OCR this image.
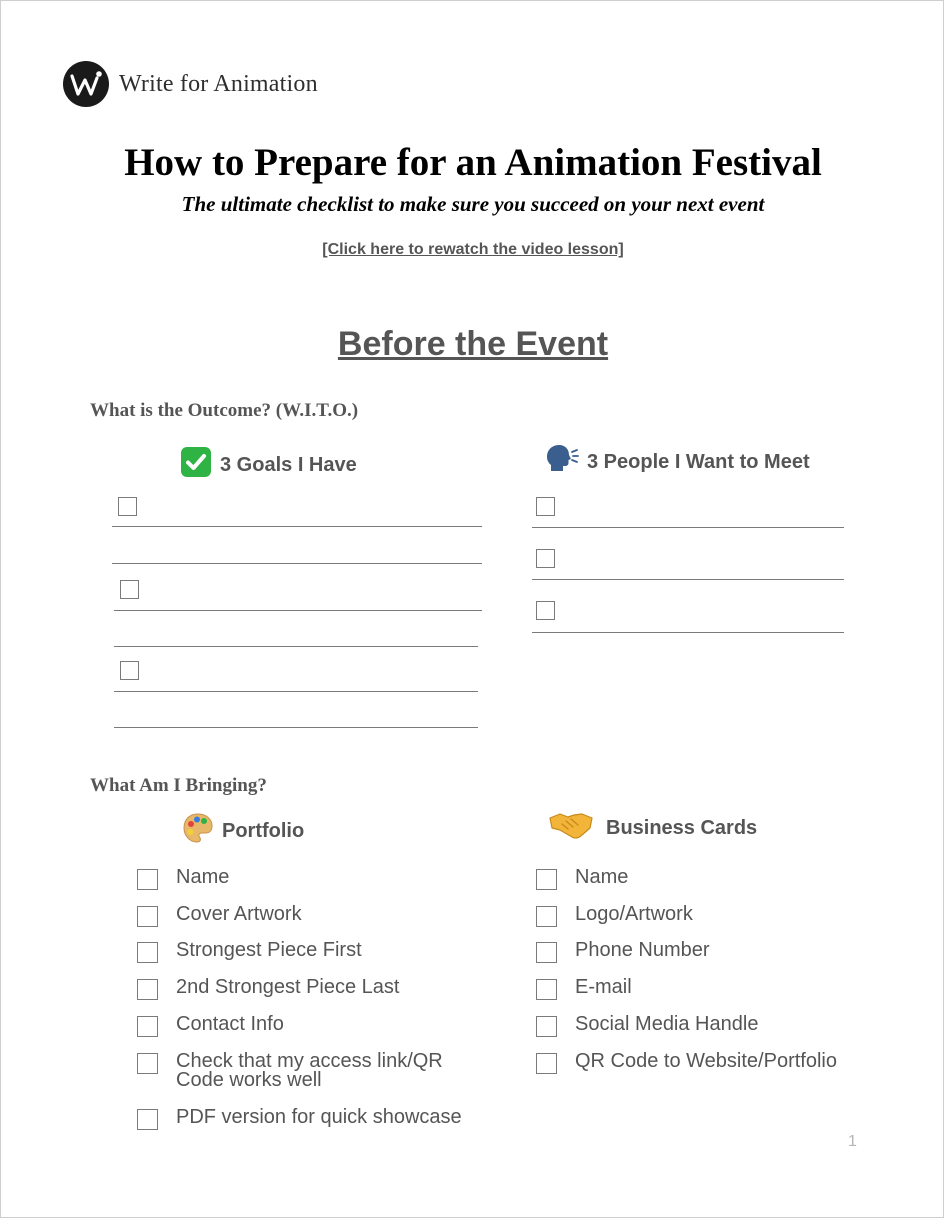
Write for Animation
How to Prepare for an Animation Festival
The ultimate checklist to make sure you succeed on your next event
[Click here to rewatch the video lesson]
Before the Event
What is the Outcome? (W.I.T.O.)
3 Goals I Have	3 People I Want to Meet
What Am I Bringing?
Portfolio	Business Cards
Name
Cover Artwork
Strongest Piece First
2nd Strongest Piece Last
Contact Info
Check that my access link/QR Code works well
PDF version for quick showcase
Name
Logo/Artwork
Phone Number
E-mail
Social Media Handle
QR Code to Website/Portfolio
1
